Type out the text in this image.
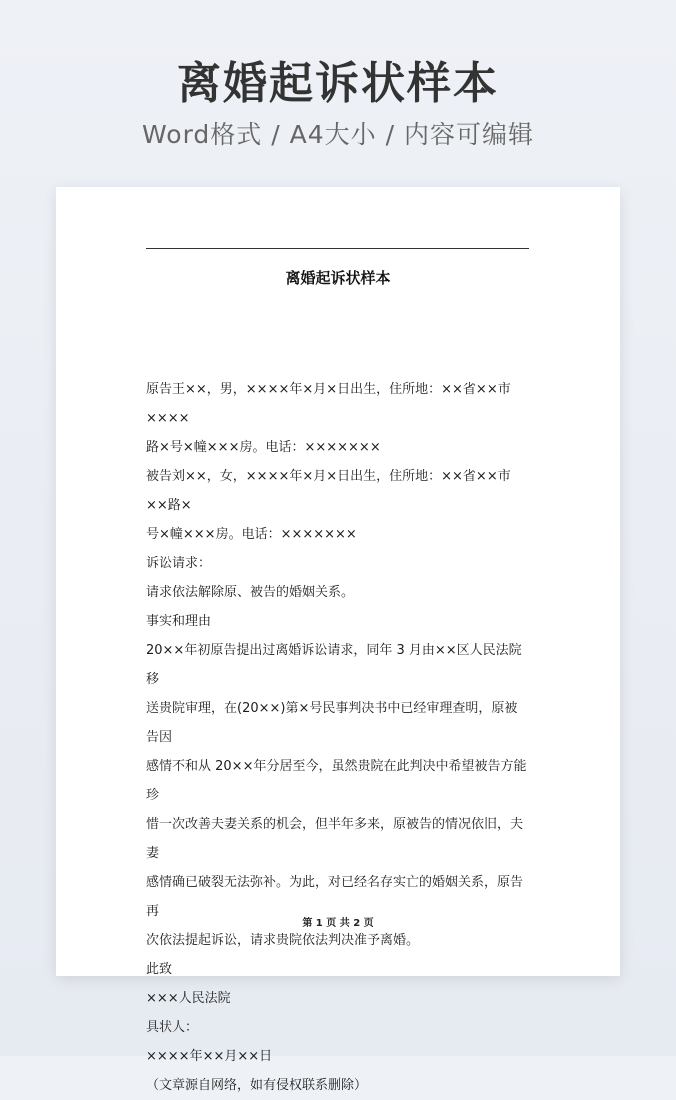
离婚起诉状样本
Word格式 / A4大小 / 内容可编辑
离婚起诉状样本

原告王××，男，××××年×月×日出生，住所地：××省××市××××

路×号×幢×××房。电话：×××××××

被告刘××，女，××××年×月×日出生，住所地：××省××市××路×

号×幢×××房。电话：×××××××

诉讼请求：

请求依法解除原、被告的婚姻关系。

事实和理由

20××年初原告提出过离婚诉讼请求，同年 3 月由××区人民法院移

送贵院审理，在(20××)第×号民事判决书中已经审理查明，原被告因

感情不和从 20××年分居至今，虽然贵院在此判决中希望被告方能珍

惜一次改善夫妻关系的机会，但半年多来，原被告的情况依旧，夫妻

感情确已破裂无法弥补。为此，对已经名存实亡的婚姻关系，原告再

次依法提起诉讼，请求贵院依法判决准予离婚。

此致

×××人民法院

具状人：

××××年××月××日

（文章源自网络，如有侵权联系删除）

第 1 页 共 2 页
